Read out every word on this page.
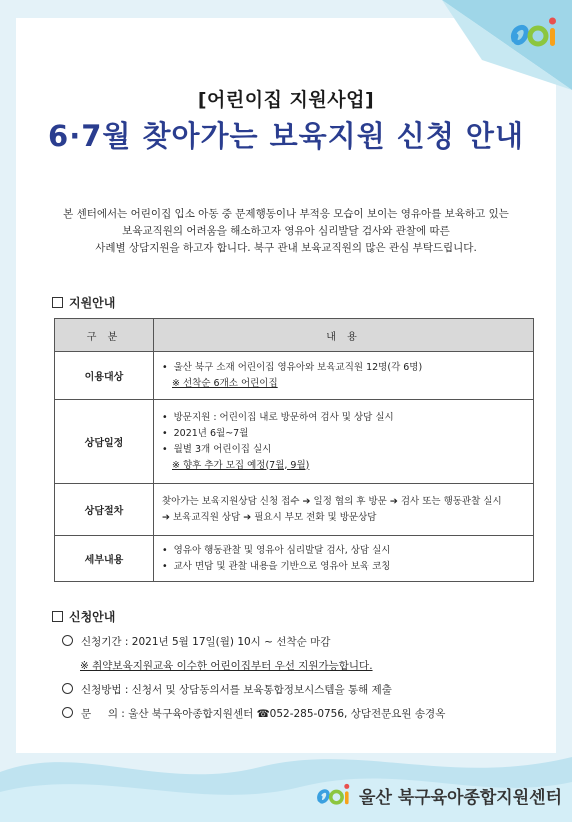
[어린이집 지원사업]
6·7월 찾아가는 보육지원 신청 안내
본 센터에서는 어린이집 입소 아동 중 문제행동이나 부적응 모습이 보이는 영유아를 보육하고 있는
보육교직원의 어려움을 해소하고자 영유아 심리발달 검사와 관찰에 따른
사례별 상담지원을 하고자 합니다. 북구 관내 보육교직원의 많은 관심 부탁드립니다.
지원안내
구 분	내 용
이용대상	• 울산 북구 소재 어린이집 영유아와 보육교직원 12명(각 6명)
※ 선착순 6개소 어린이집

상담일정	• 방문지원 : 어린이집 내로 방문하여 검사 및 상담 실시
• 2021년 6월~7월
• 월별 3개 어린이집 실시
※ 향후 추가 모집 예정(7월, 9월)

상담절차	찾아가는 보육지원상담 신청 접수 ➔ 일정 협의 후 방문 ➔ 검사 또는 행동관찰 실시
➔ 보육교직원 상담 ➔ 필요시 부모 전화 및 방문상담

세부내용	• 영유아 행동관찰 및 영유아 심리발달 검사, 상담 실시
• 교사 면담 및 관찰 내용을 기반으로 영유아 보육 코칭
신청안내
신청기간 : 2021년 5월 17일(월) 10시 ~ 선착순 마감
※ 취약보육지원교육 이수한 어린이집부터 우선 지원가능합니다.
신청방법 : 신청서 및 상담동의서를 보육통합정보시스템을 통해 제출
문     의 : 울산 북구육아종합지원센터 ☎052-285-0756, 상담전문요원 송경옥
울산 북구육아종합지원센터
